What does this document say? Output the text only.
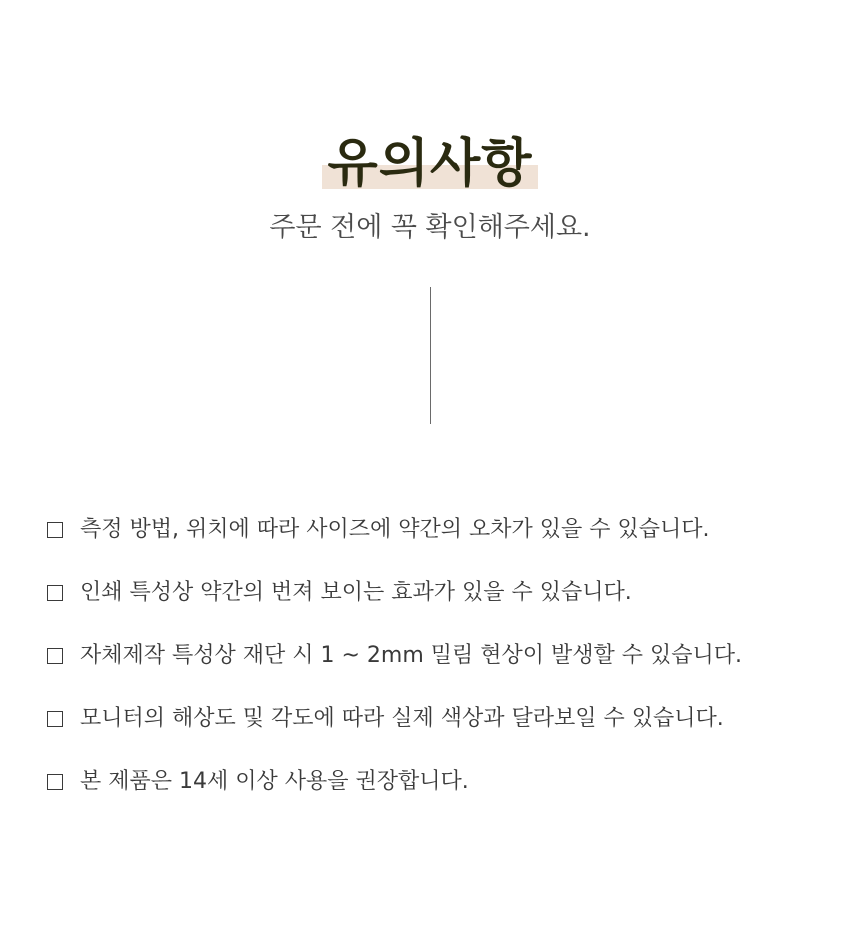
유의사항
주문 전에 꼭 확인해주세요.
측정 방법, 위치에 따라 사이즈에 약간의 오차가 있을 수 있습니다.
인쇄 특성상 약간의 번져 보이는 효과가 있을 수 있습니다.
자체제작 특성상 재단 시 1 ~ 2mm 밀림 현상이 발생할 수 있습니다.
모니터의 해상도 및 각도에 따라 실제 색상과 달라보일 수 있습니다.
본 제품은 14세 이상 사용을 권장합니다.
